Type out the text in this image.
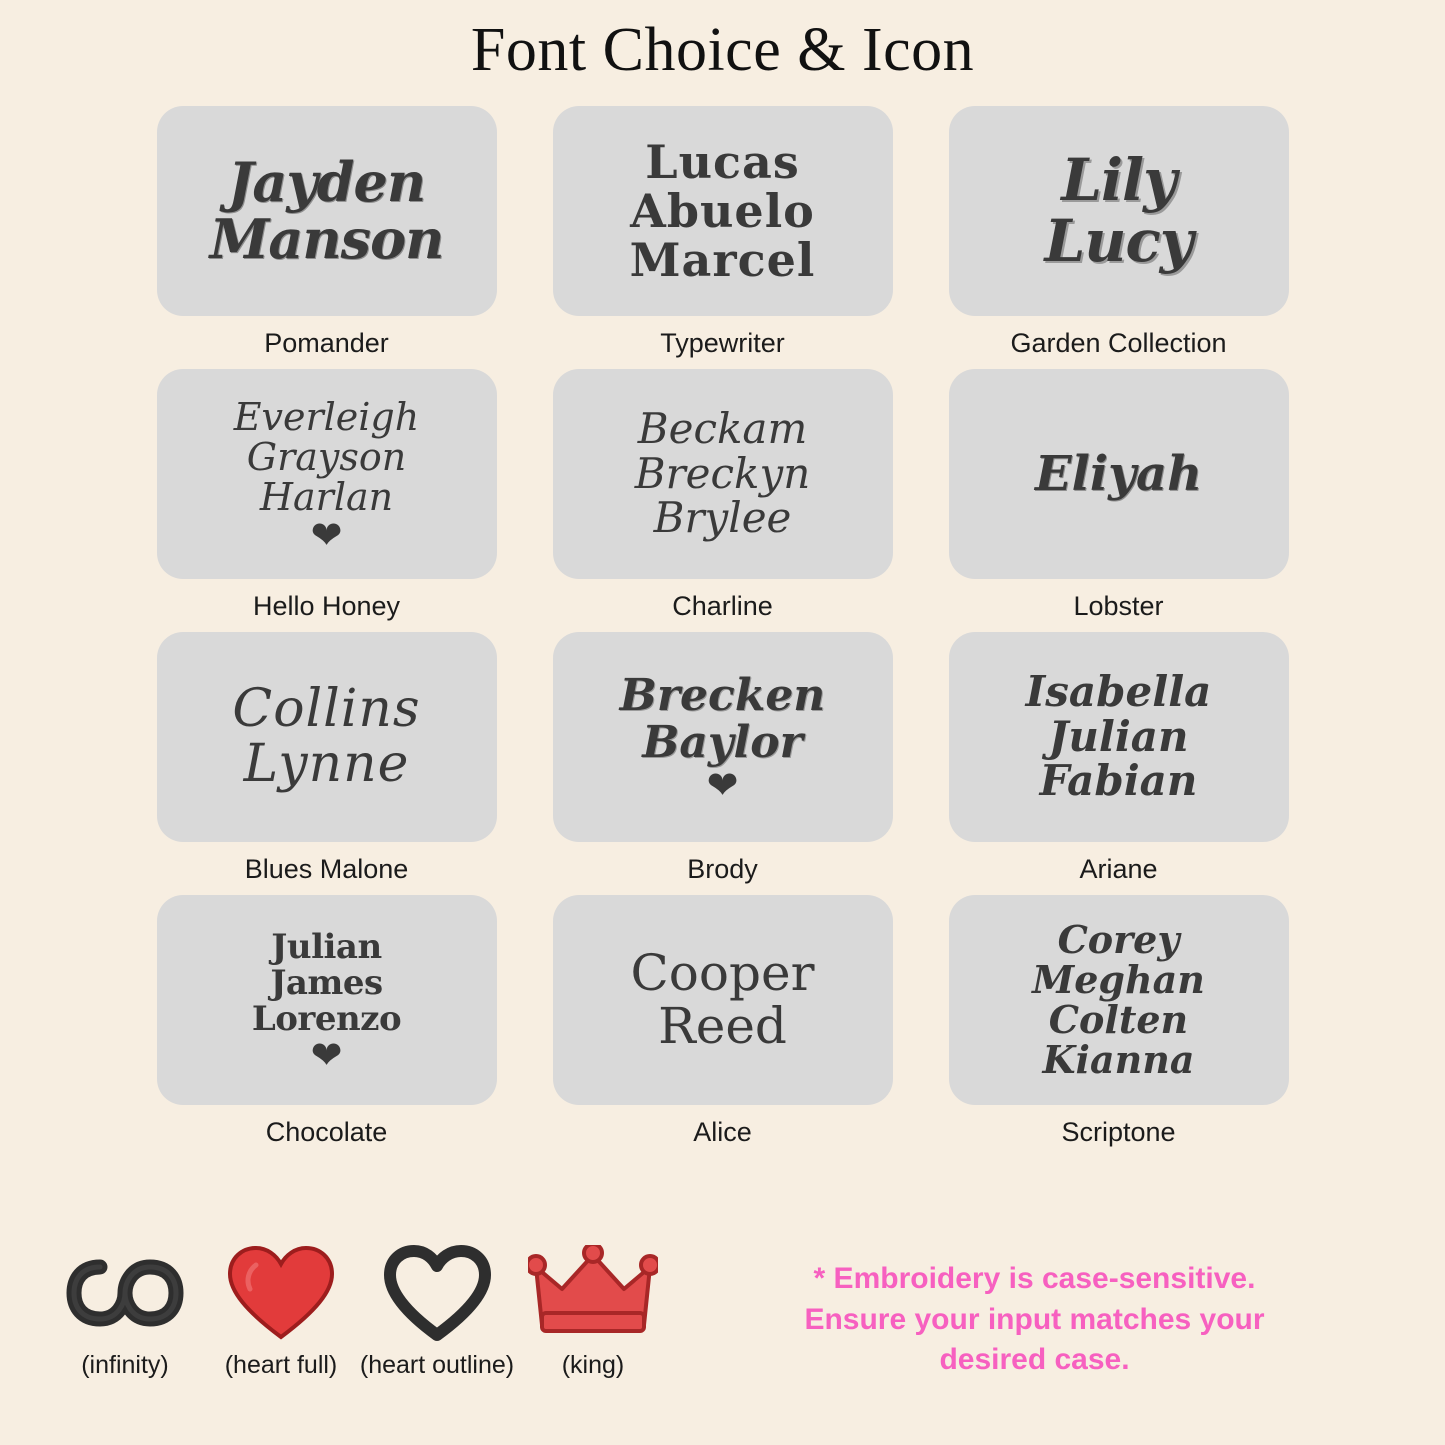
Font Choice & Icon
Jayden
Manson
Pomander
Lucas
Abuelo
Marcel
Typewriter
Lily
Lucy
Garden Collection
Everleigh
Grayson
Harlan
❤
Hello Honey
Beckam
Breckyn
Brylee
Charline
Eliyah
Lobster
Collins
Lynne
Blues Malone
Brecken
Baylor
❤
Brody
Isabella
Julian
Fabian
Ariane
Julian
James
Lorenzo
❤
Chocolate
Cooper
Reed
Alice
Corey
Meghan
Colten
Kianna
Scriptone
(infinity) (heart full) (heart outline) (king)
* Embroidery is case-sensitive.
Ensure your input matches your
desired case.
